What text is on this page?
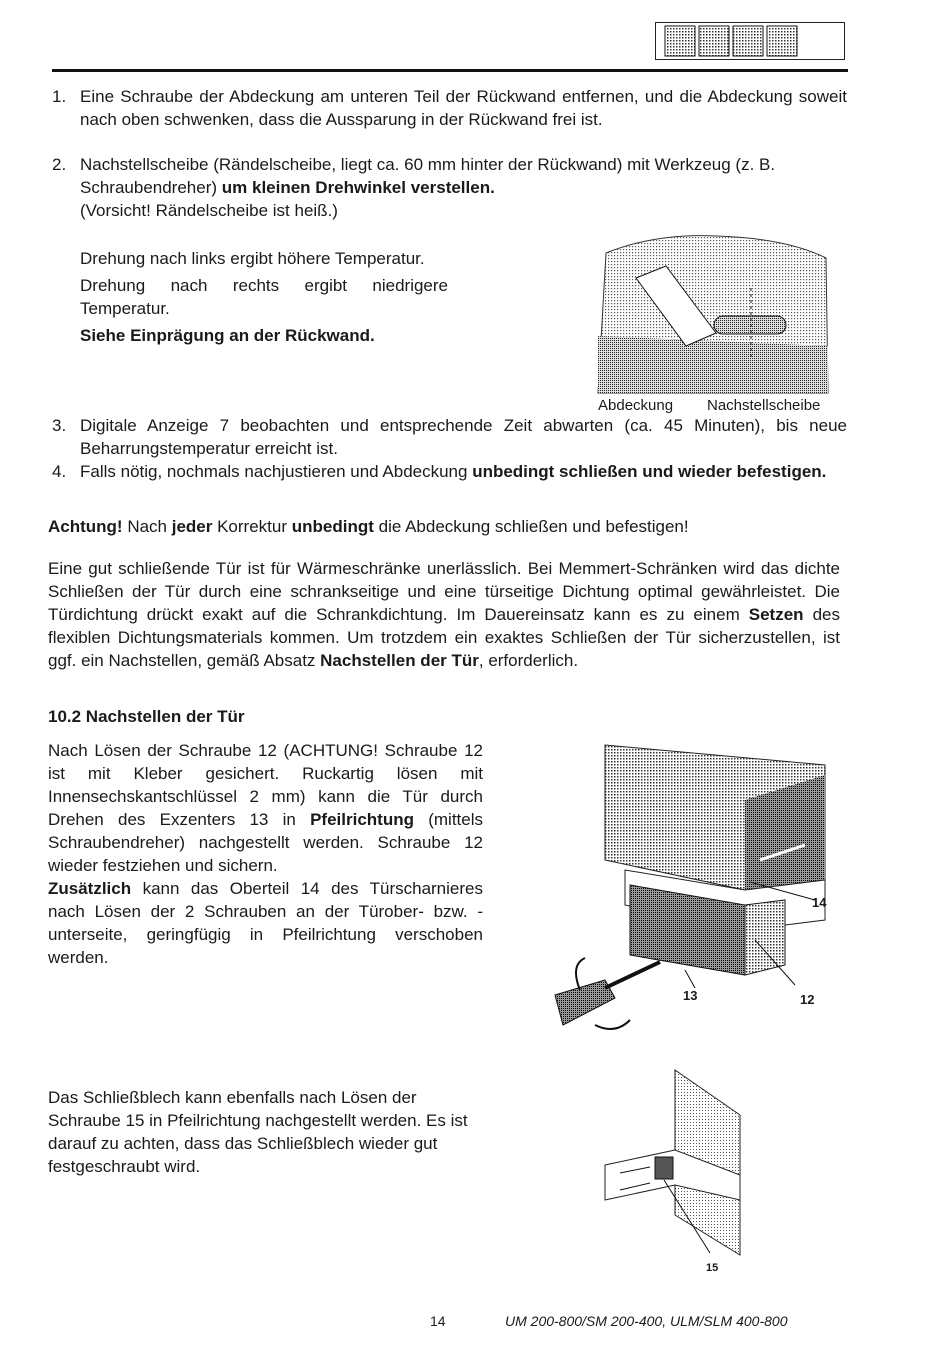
1. Eine Schraube der Abdeckung am unteren Teil der Rückwand entfernen, und die Abdeckung soweit nach oben schwenken, dass die Aussparung in der Rückwand frei ist.
2. Nachstellscheibe (Rändelscheibe, liegt ca. 60 mm hinter der Rückwand) mit Werkzeug (z. B. Schraubendreher) um kleinen Drehwinkel verstellen.
(Vorsicht! Rändelscheibe ist heiß.)
Drehung nach links ergibt höhere Temperatur.
Drehung nach rechts ergibt niedrigere Temperatur.
Siehe Einprägung an der Rückwand.
Abdeckung Nachstellscheibe
3. Digitale Anzeige 7 beobachten und entsprechende Zeit abwarten (ca. 45 Minuten), bis neue Beharrungstemperatur erreicht ist.
4. Falls nötig, nochmals nachjustieren und Abdeckung unbedingt schließen und wieder befestigen.
Achtung! Nach jeder Korrektur unbedingt die Abdeckung schließen und befestigen!
Eine gut schließende Tür ist für Wärmeschränke unerlässlich. Bei Memmert-Schränken wird das dichte Schließen der Tür durch eine schrankseitige und eine türseitige Dichtung optimal gewährleistet. Die Türdichtung drückt exakt auf die Schrankdichtung. Im Dauereinsatz kann es zu einem Setzen des flexiblen Dichtungsmaterials kommen. Um trotzdem ein exaktes Schließen der Tür sicherzustellen, ist ggf. ein Nachstellen, gemäß Absatz Nachstellen der Tür, erforderlich.
10.2 Nachstellen der Tür
Nach Lösen der Schraube 12 (ACHTUNG! Schraube 12 ist mit Kleber gesichert. Ruckartig lösen mit Innensechskantschlüssel 2 mm) kann die Tür durch Drehen des Exzenters 13 in Pfeilrichtung (mittels Schraubendreher) nachgestellt werden. Schraube 12 wieder festziehen und sichern.
Zusätzlich kann das Oberteil 14 des Türscharnieres nach Lösen der 2 Schrauben an der Türober- bzw. -unterseite, geringfügig in Pfeilrichtung verschoben werden.
14
13	12
Das Schließblech kann ebenfalls nach Lösen der Schraube 15 in Pfeilrichtung nachgestellt werden. Es ist darauf zu achten, dass das Schließblech wieder gut festgeschraubt wird.
15
14	UM 200-800/SM 200-400, ULM/SLM 400-800
